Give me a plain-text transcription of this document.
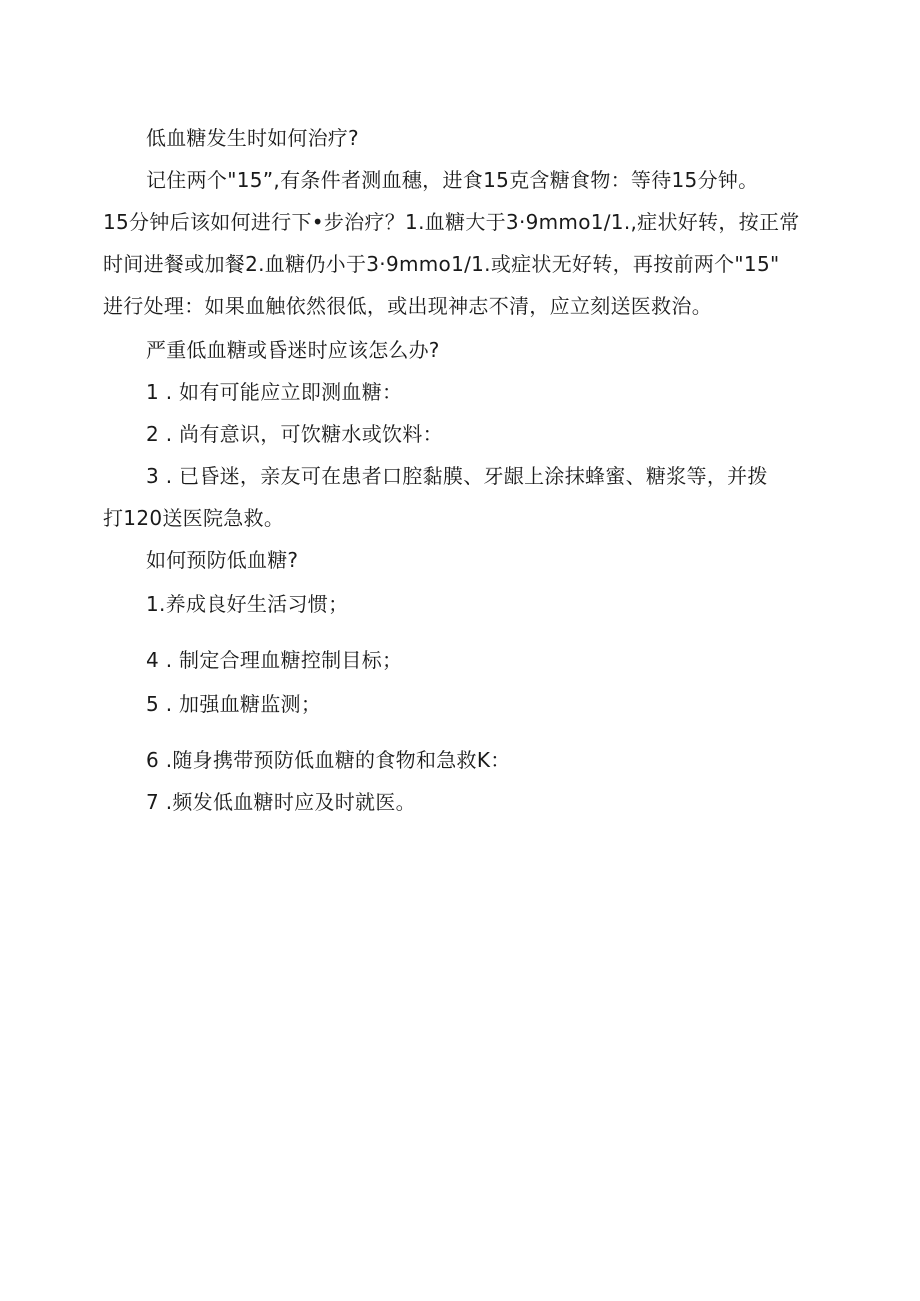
低血糖发生时如何治疗?
记住两个"15”,有条件者测血穗，进食15克含糖食物：等待15分钟。
15分钟后该如何进行下•步治疗？1.血糖大于3·9mmo1∕1.,症状好转，按正常
时间进餐或加餐2.血糖仍小于3·9mmo1∕1.或症状无好转，再按前两个"15"
进行处理：如果血触依然很低，或出现神志不清，应立刻送医救治。
严重低血糖或昏迷时应该怎么办?
1 . 如有可能应立即测血糖：
2 . 尚有意识，可饮糖水或饮料：
3 . 已昏迷，亲友可在患者口腔黏膜、牙龈上涂抹蜂蜜、糖浆等，并拨
打120送医院急救。
如何预防低血糖?
1.养成良好生活习惯；
4 . 制定合理血糖控制目标；
5 . 加强血糖监测；
6 .随身携带预防低血糖的食物和急救K：
7 .频发低血糖时应及时就医。
